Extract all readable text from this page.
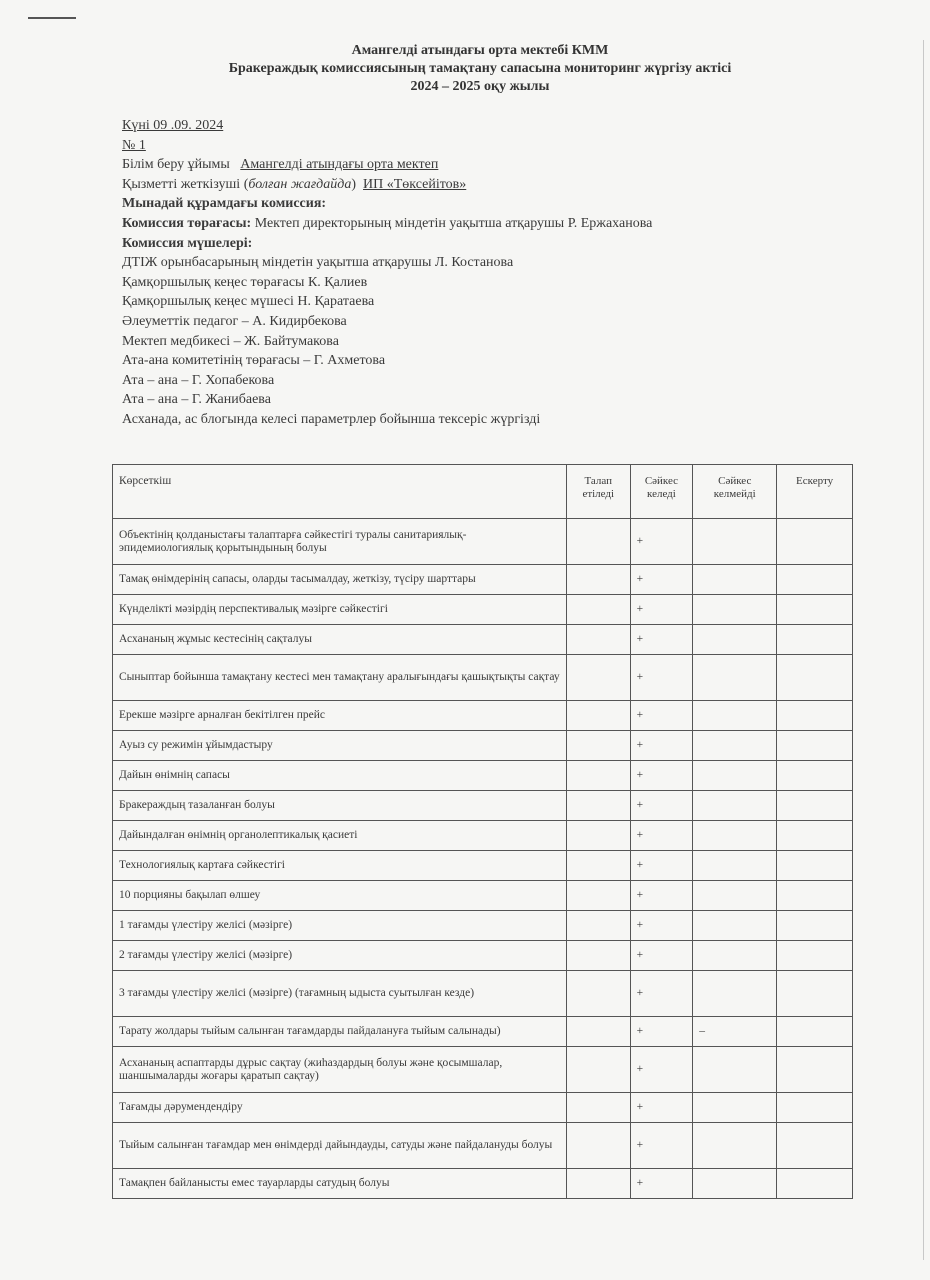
Амангелді атындағы орта мектебі КММ
Бракераждық комиссиясының тамақтану сапасына мониторинг жүргізу актісі
2024 – 2025 оқу жылы
Күні 09 .09. 2024
№ 1
Білім беру ұйымы Амангелді атындағы орта мектеп
Қызметті жеткізуші (болған жағдайда) ИП «Төксейітов»
Мынадай құрамдағы комиссия:
Комиссия төрағасы: Мектеп директорының міндетін уақытша атқарушы Р. Ержаханова
Комиссия мүшелері:
ДТІЖ орынбасарының міндетін уақытша атқарушы Л. Костанова
Қамқоршылық кеңес төрағасы К. Қалиев
Қамқоршылық кеңес мүшесі Н. Қаратаева
Әлеуметтік педагог – А. Кидирбекова
Мектеп медбикесі – Ж. Байтумакова
Ата-ана комитетінің төрағасы – Г. Ахметова
Ата – ана – Г. Хопабекова
Ата – ана – Г. Жанибаева
Асханада, ас блогында келесі параметрлер бойынша тексеріс жүргізді
Көрсеткіш	Талап етіледі	Сәйкес келеді	Сәйкес келмейді	Ескерту
Объектінің қолданыстағы талаптарға сәйкестігі туралы санитариялық-эпидемиологиялық қорытындының болуы		+		
Тамақ өнімдерінің сапасы, оларды тасымалдау, жеткізу, түсіру шарттары		+		
Күнделікті мәзірдің перспективалық мәзірге сәйкестігі		+		
Асхананың жұмыс кестесінің сақталуы		+		
Сыныптар бойынша тамақтану кестесі мен тамақтану аралығындағы қашықтықты сақтау		+		
Ерекше мәзірге арналған бекітілген прейс		+		
Ауыз су режимін ұйымдастыру		+		
Дайын өнімнің сапасы		+		
Бракераждың тазаланған болуы		+		
Дайындалған өнімнің органолептикалық қасиеті		+		
Технологиялық картаға сәйкестігі		+		
10 порцияны бақылап өлшеу		+		
1 тағамды үлестіру желісі (мәзірге)		+		
2 тағамды үлестіру желісі (мәзірге)		+		
3 тағамды үлестіру желісі (мәзірге) (тағамның ыдыста суытылған кезде)		+		
Тарату жолдары тыйым салынған тағамдарды пайдалануға тыйым салынады)		+	–	
Асхананың аспаптарды дұрыс сақтау (жиһаздардың болуы және қосымшалар, шаншымаларды жоғары қаратып сақтау)		+		
Тағамды дәрумендендіру		+		
Тыйым салынған тағамдар мен өнімдерді дайындауды, сатуды және пайдалануды болуы		+		
Тамақпен байланысты емес тауарларды сатудың болуы		+		
